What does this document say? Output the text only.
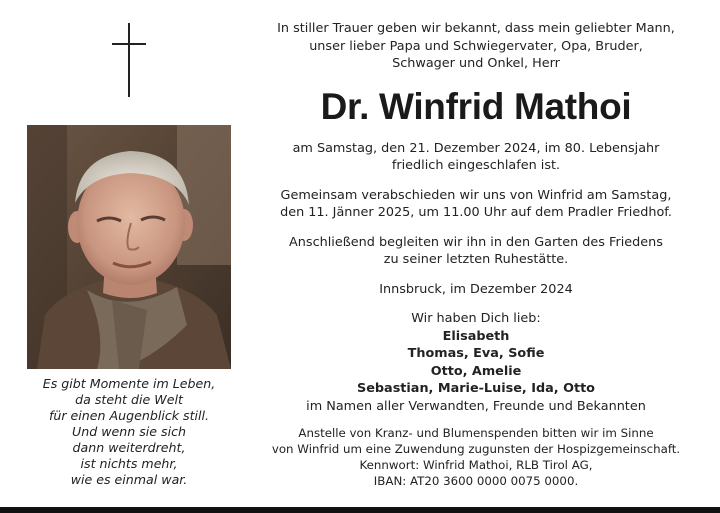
Es gibt Momente im Leben,
da steht die Welt
für einen Augenblick still.
Und wenn sie sich
dann weiterdreht,
ist nichts mehr,
wie es einmal war.
In stiller Trauer geben wir bekannt, dass mein geliebter Mann,
unser lieber Papa und Schwiegervater, Opa, Bruder,
Schwager und Onkel, Herr
Dr. Winfrid Mathoi
am Samstag, den 21. Dezember 2024, im 80. Lebensjahr
friedlich eingeschlafen ist.
Gemeinsam verabschieden wir uns von Winfrid am Samstag,
den 11. Jänner 2025, um 11.00 Uhr auf dem Pradler Friedhof.
Anschließend begleiten wir ihn in den Garten des Friedens
zu seiner letzten Ruhestätte.
Innsbruck, im Dezember 2024
Wir haben Dich lieb:
Elisabeth
Thomas, Eva, Sofie
Otto, Amelie
Sebastian, Marie-Luise, Ida, Otto
im Namen aller Verwandten, Freunde und Bekannten
Anstelle von Kranz- und Blumenspenden bitten wir im Sinne
von Winfrid um eine Zuwendung zugunsten der Hospizgemeinschaft.
Kennwort: Winfrid Mathoi, RLB Tirol AG,
IBAN: AT20 3600 0000 0075 0000.
